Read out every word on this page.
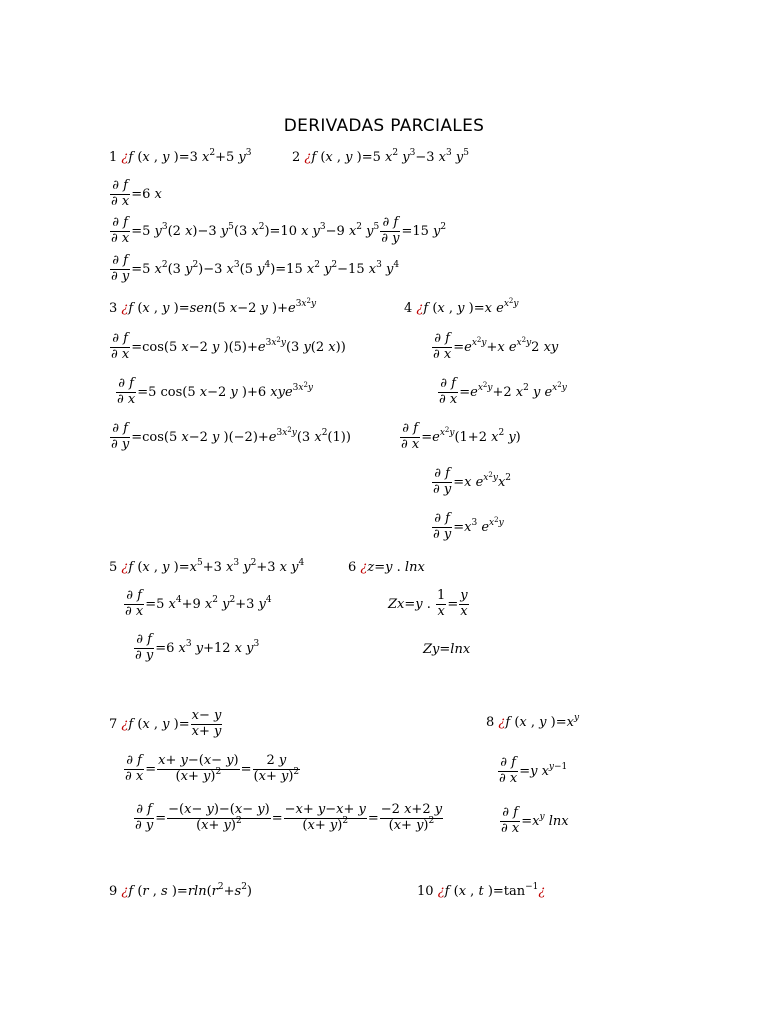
DERIVADAS PARCIALES
1 ¿f (x , y )=3 $x^2+5$ $y^3$	2 ¿f (x , y )=5 $x^2$ $y^3-3$ $x^3$ $y^5$
$\frac{\partial f}{\partial x} =6$ x
$\frac{\partial f}{\partial x} =5$ $y^3(2$ x)−3 $y^5(3$ $x^2)=10$ x $y^3-9$ $x^2$ $y^5 \frac{\partial f}{\partial y} =15$ $y^2$
$\frac{\partial f}{\partial y} =5$ $x^2(3$ $y^2)-3$ $x^3(5$ $y^4)=15$ $x^2$ $y^2-15$ $x^3$ $y^4$
3 ¿f (x , y )=sen(5 x−2 y )$+e^{3x^2y}$	4 ¿f (x , y )=x $e^{x^2y}$
$\frac{\partial f}{\partial x} =\cos(5$ x−2 y )$(5)+e^{3x^2y}(3$ y(2 x))	$\frac{\partial f}{\partial x} =e^{x^2y}+x$ $e^{x^2y}2$ xy
$\frac{\partial f}{\partial x} =5$ cos(5 x−2 y )+6 xye$^{3x^2y}$	$\frac{\partial f}{\partial x} =e^{x^2y}+2$ $x^2$ y $e^{x^2y}$
$\frac{\partial f}{\partial y} =\cos(5$ x−2 y )$(-2)+e^{3x^2y}(3$ $x^2(1)$)	$\frac{\partial f}{\partial x} =e^{x^2y}(1+2$ $x^2$ y)
$\frac{\partial f}{\partial y} =x$ $e^{x^2y}x^2$
$\frac{\partial f}{\partial y} =x^3$ $e^{x^2y}$
5 ¿f (x , y )$=x^5+3$ $x^3$ $y^2+3$ x $y^4$	6 ¿z=y . lnx
$\frac{\partial f}{\partial x} =5$ $x^4+9$ $x^2$ $y^2+3$ $y^4$	Zx=y . $\frac{1}{x} = \frac{y}{x}$
$\frac{\partial f}{\partial y} =6$ $x^3$ y+12 x $y^3$	Zy=lnx
7 ¿f (x , y )= $\frac{x- y}{x+ y}$	8 ¿f (x , y )$=x^y$
$\frac{\partial f}{\partial x} = \frac{x+ y-(x- y)}{(x+ y)^2} = \frac{2 y}{(x+ y)^2}$	$\frac{\partial f}{\partial x} =y$ $x^{y-1}$
$\frac{\partial f}{\partial y} = \frac{-(x- y)-(x- y)}{(x+ y)^2} = \frac{-x+ y-x+ y}{(x+ y)^2} = \frac{-2 x+2 y}{(x+ y)^2}$	$\frac{\partial f}{\partial x} =x^y$ lnx
9 ¿f (r , s )$=rln(r^2+s^2)$	10 ¿f (x , t )$=\tan^{-1}¿$
